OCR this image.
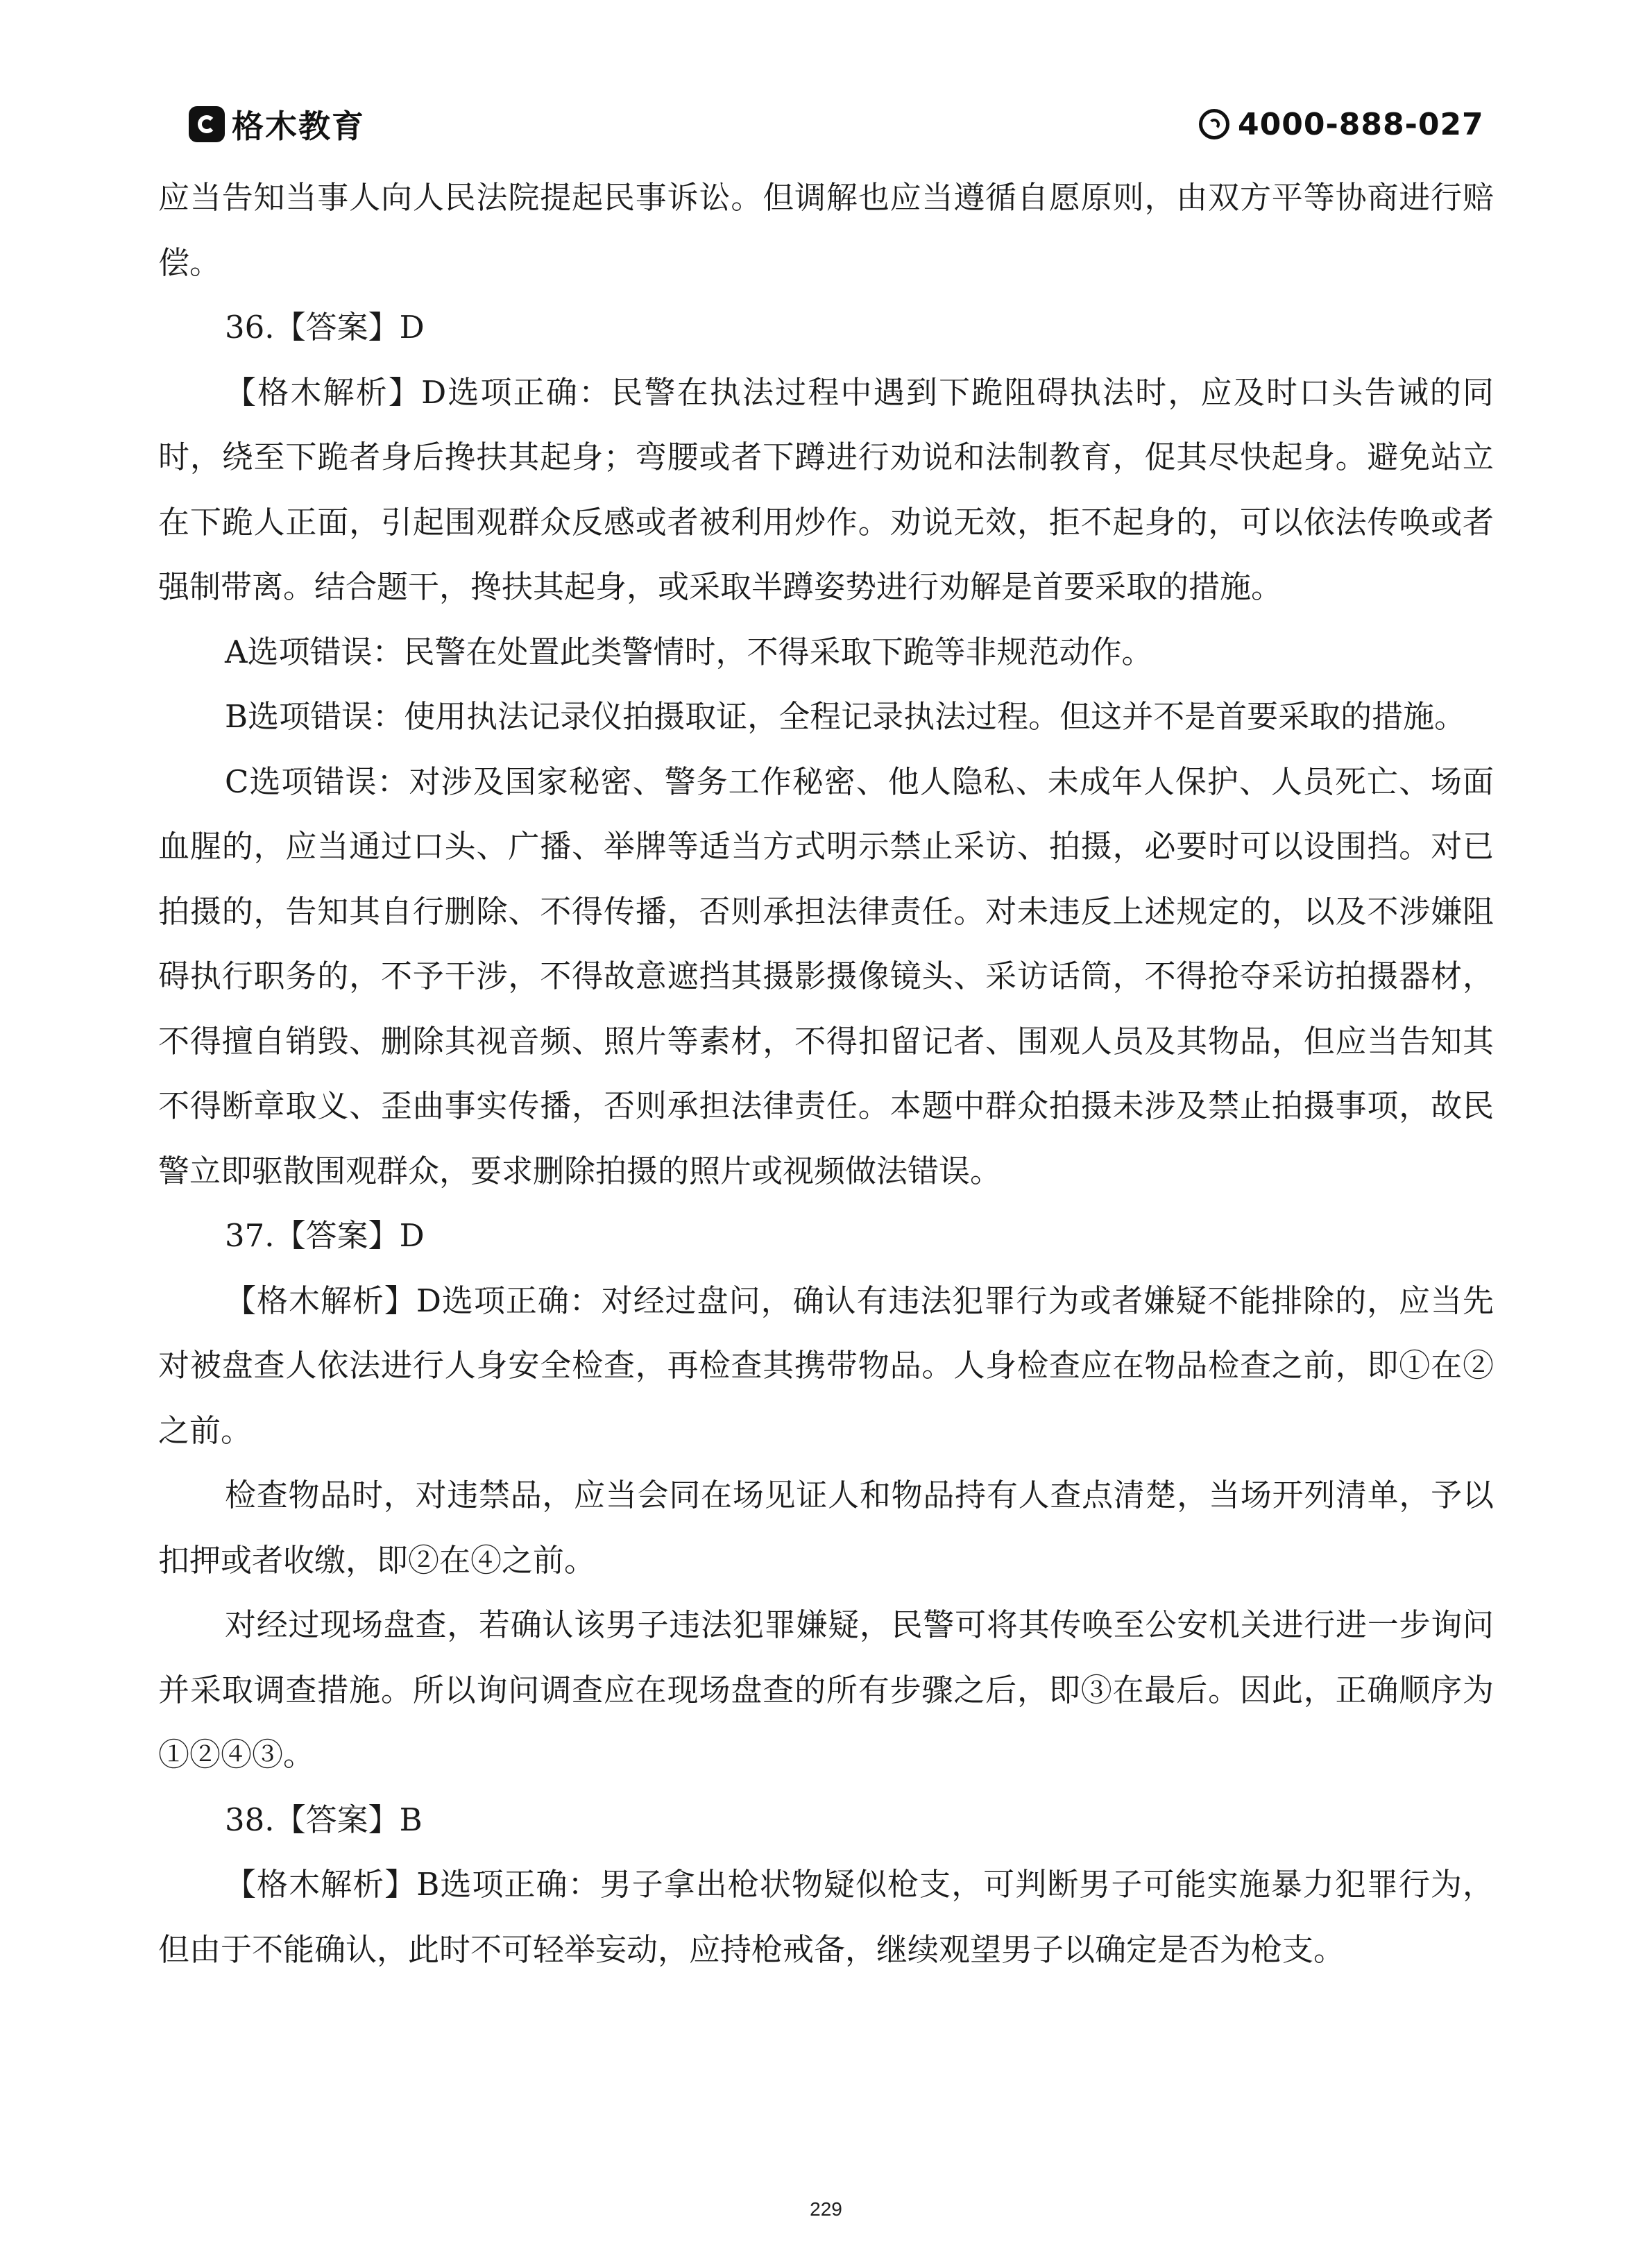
格木教育	4000-888-027

应当告知当事人向人民法院提起民事诉讼。但调解也应当遵循自愿原则，由双方平等协商进行赔偿。

36.【答案】D

【格木解析】D选项正确：民警在执法过程中遇到下跪阻碍执法时，应及时口头告诫的同时，绕至下跪者身后搀扶其起身；弯腰或者下蹲进行劝说和法制教育，促其尽快起身。避免站立在下跪人正面，引起围观群众反感或者被利用炒作。劝说无效，拒不起身的，可以依法传唤或者强制带离。结合题干，搀扶其起身，或采取半蹲姿势进行劝解是首要采取的措施。

A选项错误：民警在处置此类警情时，不得采取下跪等非规范动作。

B选项错误：使用执法记录仪拍摄取证，全程记录执法过程。但这并不是首要采取的措施。

C选项错误：对涉及国家秘密、警务工作秘密、他人隐私、未成年人保护、人员死亡、场面血腥的，应当通过口头、广播、举牌等适当方式明示禁止采访、拍摄，必要时可以设围挡。对已拍摄的，告知其自行删除、不得传播，否则承担法律责任。对未违反上述规定的，以及不涉嫌阻碍执行职务的，不予干涉，不得故意遮挡其摄影摄像镜头、采访话筒，不得抢夺采访拍摄器材，不得擅自销毁、删除其视音频、照片等素材，不得扣留记者、围观人员及其物品，但应当告知其不得断章取义、歪曲事实传播，否则承担法律责任。本题中群众拍摄未涉及禁止拍摄事项，故民警立即驱散围观群众，要求删除拍摄的照片或视频做法错误。

37.【答案】D

【格木解析】D选项正确：对经过盘问，确认有违法犯罪行为或者嫌疑不能排除的，应当先对被盘查人依法进行人身安全检查，再检查其携带物品。人身检查应在物品检查之前，即①在②之前。

检查物品时，对违禁品，应当会同在场见证人和物品持有人查点清楚，当场开列清单，予以扣押或者收缴，即②在④之前。

对经过现场盘查，若确认该男子违法犯罪嫌疑，民警可将其传唤至公安机关进行进一步询问并采取调查措施。所以询问调查应在现场盘查的所有步骤之后，即③在最后。因此，正确顺序为①②④③。

38.【答案】B

【格木解析】B选项正确：男子拿出枪状物疑似枪支，可判断男子可能实施暴力犯罪行为，但由于不能确认，此时不可轻举妄动，应持枪戒备，继续观望男子以确定是否为枪支。

229
